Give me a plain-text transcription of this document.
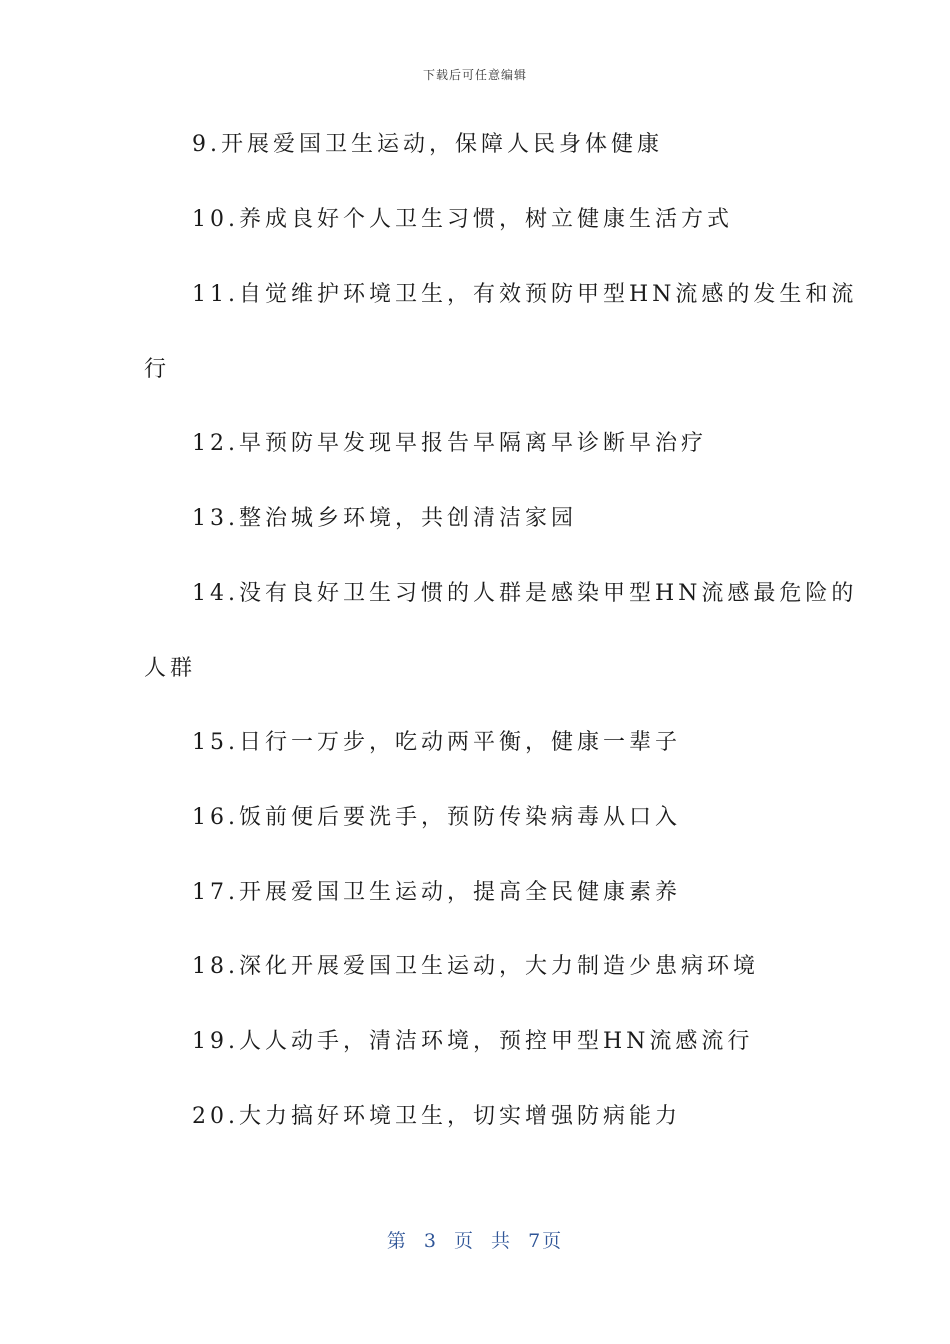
下载后可任意编辑
9.开展爱国卫生运动，保障人民身体健康
10.养成良好个人卫生习惯，树立健康生活方式
11.自觉维护环境卫生，有效预防甲型HN流感的发生和流
行
12.早预防早发现早报告早隔离早诊断早治疗
13.整治城乡环境，共创清洁家园
14.没有良好卫生习惯的人群是感染甲型HN流感最危险的
人群
15.日行一万步，吃动两平衡，健康一辈子
16.饭前便后要洗手，预防传染病毒从口入
17.开展爱国卫生运动，提高全民健康素养
18.深化开展爱国卫生运动，大力制造少患病环境
19.人人动手，清洁环境，预控甲型HN流感流行
20.大力搞好环境卫生，切实增强防病能力
第 3 页 共 7页
